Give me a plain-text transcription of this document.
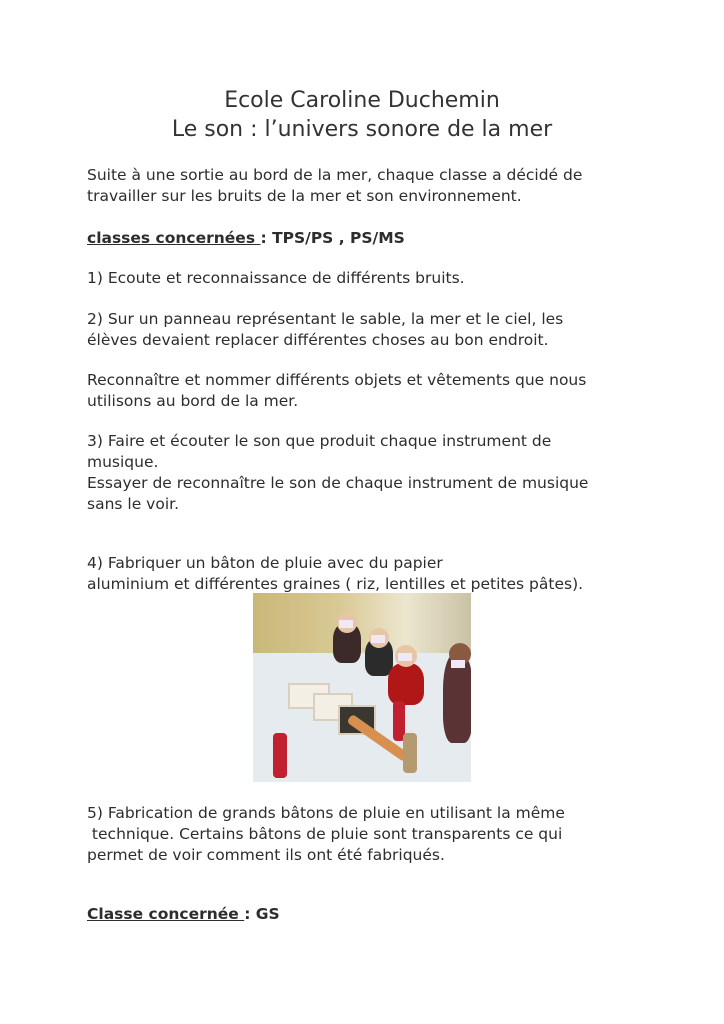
Ecole Caroline Duchemin
Le son : l’univers sonore de la mer
Suite à une sortie au bord de la mer, chaque classe a décidé de
travailler sur les bruits de la mer et son environnement.
classes concernées : TPS/PS , PS/MS
1) Ecoute et reconnaissance de différents bruits.
2) Sur un panneau représentant le sable, la mer et le ciel, les
élèves devaient replacer différentes choses au bon endroit.
Reconnaître et nommer différents objets et vêtements que nous
utilisons au bord de la mer.
3) Faire et écouter le son que produit chaque instrument de
musique.
Essayer de reconnaître le son de chaque instrument de musique
sans le voir.
4) Fabriquer un bâton de pluie avec du papier
aluminium et différentes graines ( riz, lentilles et petites pâtes).
5) Fabrication de grands bâtons de pluie en utilisant la même
technique. Certains bâtons de pluie sont transparents ce qui
permet de voir comment ils ont été fabriqués.
Classe concernée : GS
